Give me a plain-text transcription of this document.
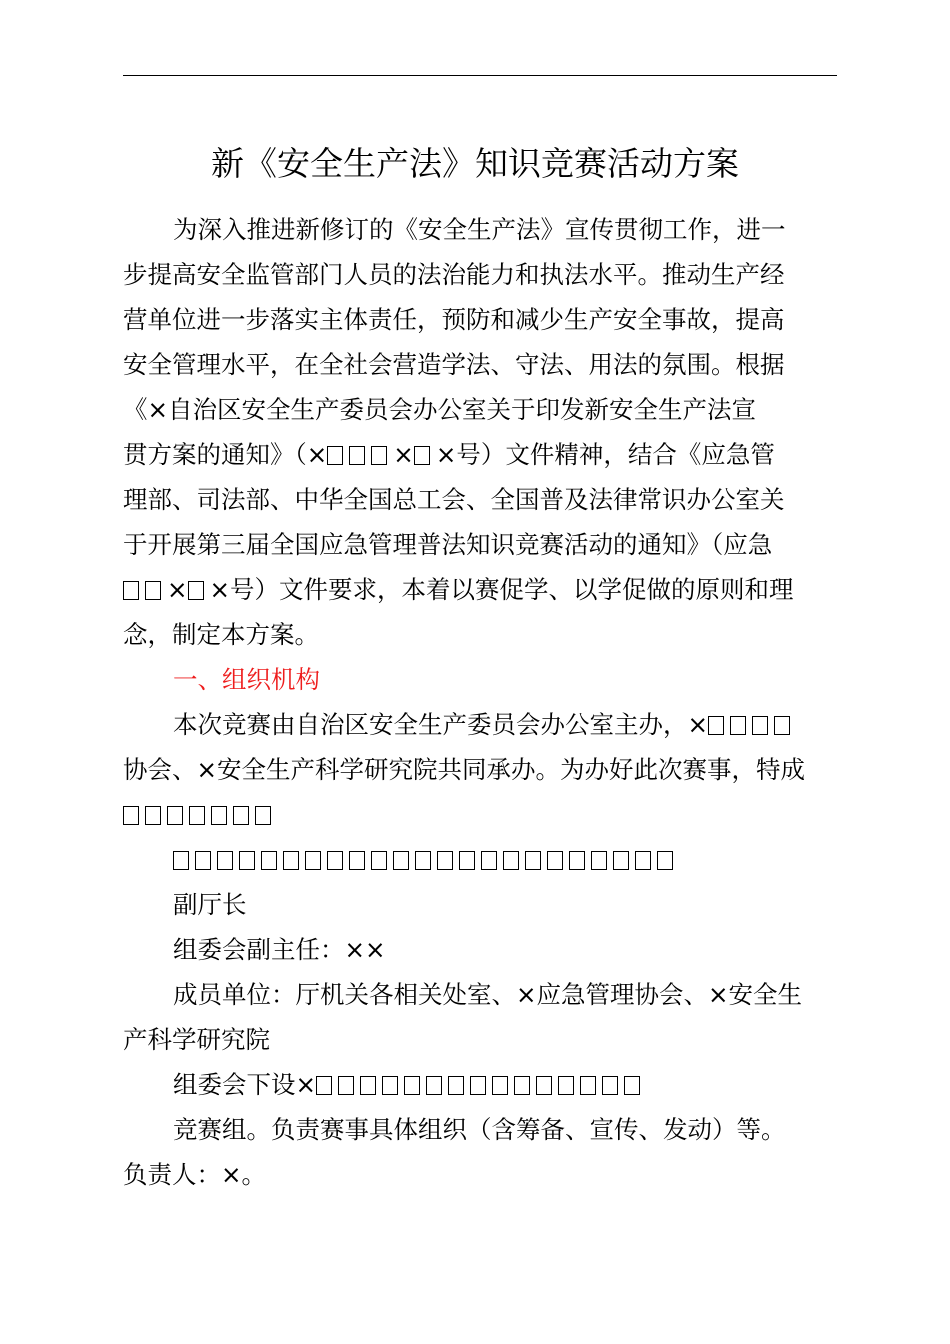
新《安全生产法》知识竞赛活动方案
为深入推进新修订的《安全生产法》宣传贯彻工作，进一
步提高安全监管部门人员的法治能力和执法水平。推动生产经
营单位进一步落实主体责任，预防和减少生产安全事故，提高
安全管理水平，在全社会营造学法、守法、用法的氛围。根据
《×自治区安全生产委员会办公室关于印发新安全生产法宣
贯方案的通知》（×	× ×号）文件精神，结合《应急管
理部、司法部、中华全国总工会、全国普及法律常识办公室关
于开展第三届全国应急管理普法知识竞赛活动的通知》（应急
× ×号）文件要求，本着以赛促学、以学促做的原则和理
念，制定本方案。
一、组织机构
本次竞赛由自治区安全生产委员会办公室主办，×
协会、×安全生产科学研究院共同承办。为办好此次赛事，特成
副厅长
组委会副主任：××
成员单位：厅机关各相关处室、×应急管理协会、×安全生
产科学研究院
组委会下设×
竞赛组。负责赛事具体组织（含筹备、宣传、发动）等。
负责人：×。
